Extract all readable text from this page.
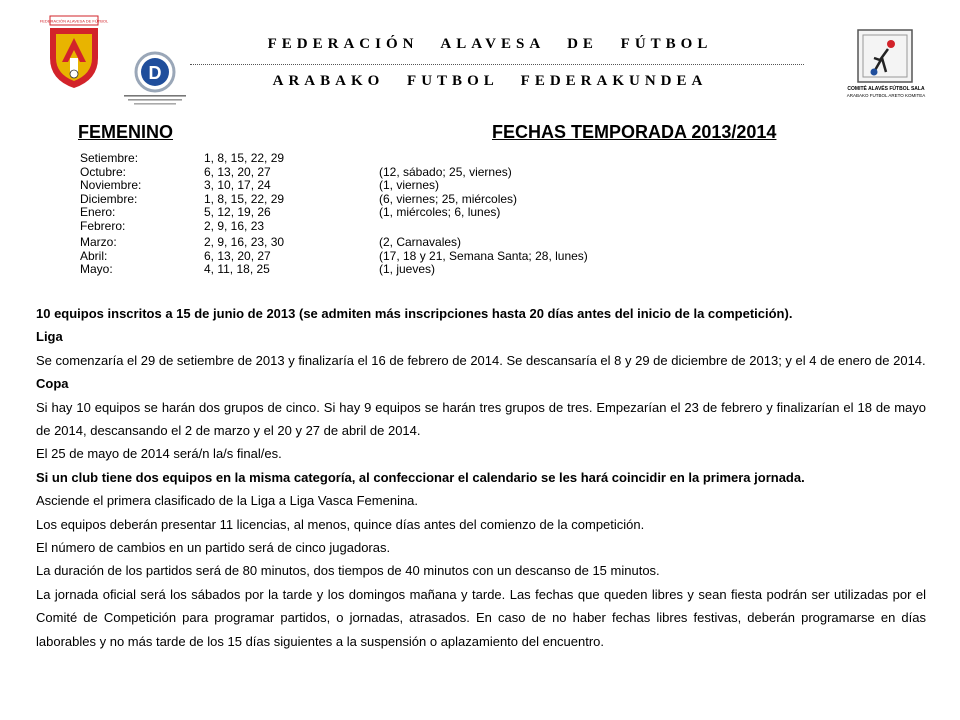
FEDERACIÓN ALAVESA DE FÚTBOL
D
COMITÉ ALAVÉS FÚTBOL SALA
ARABAKO FUTBOL ARETO KOMITEA
FEDERACIÓN ALAVESA DE FÚTBOL
ARABAKO FUTBOL FEDERAKUNDEA
FEMENINO	FECHAS TEMPORADA 2013/2014
Setiembre:	1, 8, 15, 22, 29
Octubre:	6, 13, 20, 27	(12, sábado; 25, viernes)
Noviembre:	3, 10, 17, 24	(1, viernes)
Diciembre:	1, 8, 15, 22, 29	(6, viernes; 25, miércoles)
Enero:	5, 12, 19, 26	(1, miércoles; 6, lunes)
Febrero:	2, 9, 16, 23
Marzo:	2, 9, 16, 23, 30	(2, Carnavales)
Abril:	6, 13, 20, 27	(17, 18 y 21, Semana Santa; 28, lunes)
Mayo:	4, 11, 18, 25	(1, jueves)

10 equipos inscritos a 15 de junio de 2013 (se admiten más inscripciones hasta 20 días antes del inicio de la competición).

Liga

Se comenzaría el 29 de setiembre de 2013 y finalizaría el 16 de febrero de 2014. Se descansaría el 8 y 29 de diciembre de 2013; y el 4 de enero de 2014.

Copa

Si hay 10 equipos se harán dos grupos de cinco. Si hay 9 equipos se harán tres grupos de tres. Empezarían el 23 de febrero y finalizarían el 18 de mayo de 2014, descansando el 2 de marzo y el 20 y 27 de abril de 2014.

El 25 de mayo de 2014 será/n la/s final/es.

Si un club tiene dos equipos en la misma categoría, al confeccionar el calendario se les hará coincidir en la primera jornada.

Asciende el primera clasificado de la Liga a Liga Vasca Femenina.

Los equipos deberán presentar 11 licencias, al menos, quince días antes del comienzo de la competición.

El número de cambios en un partido será de cinco jugadoras.

La duración de los partidos será de 80 minutos, dos tiempos de 40 minutos con un descanso de 15 minutos.

La jornada oficial será los sábados por la tarde y los domingos mañana y tarde. Las fechas que queden libres y sean fiesta podrán ser utilizadas por el Comité de Competición para programar partidos, o jornadas, atrasados. En caso de no haber fechas libres festivas, deberán programarse en días laborables y no más tarde de los 15 días siguientes a la suspensión o aplazamiento del encuentro.
